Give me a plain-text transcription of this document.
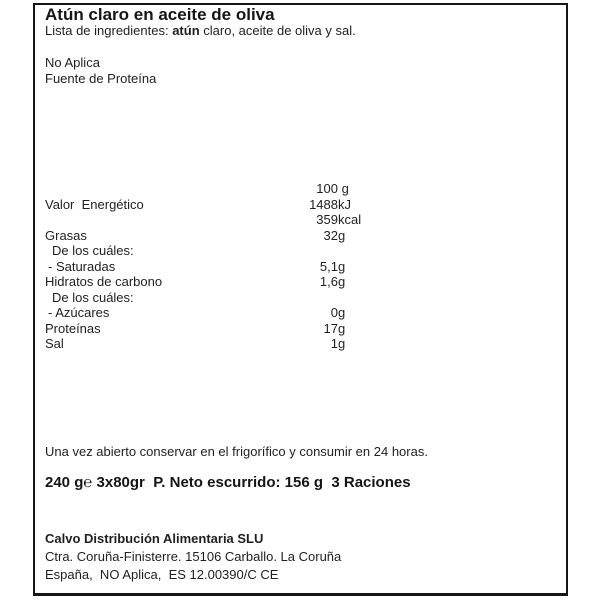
Atún claro en aceite de oliva
Lista de ingredientes: atún claro, aceite de oliva y sal.
No Aplica
Fuente de Proteína
100 g
Valor  Energético	1488 kJ
359 kcal
Grasas	32 g
De los cuáles:
- Saturadas	5,1 g
Hidratos de carbono	1,6 g
De los cuáles:
- Azúcares	0 g
Proteínas	17 g
Sal	1 g
Una vez abierto conservar en el frigorífico y consumir en 24 horas.
240 g℮ 3x80gr  P. Neto escurrido: 156 g  3 Raciones
Calvo Distribución Alimentaria SLU
Ctra. Coruña-Finisterre. 15106 Carballo. La Coruña
España,  NO Aplica,  ES 12.00390/C CE
